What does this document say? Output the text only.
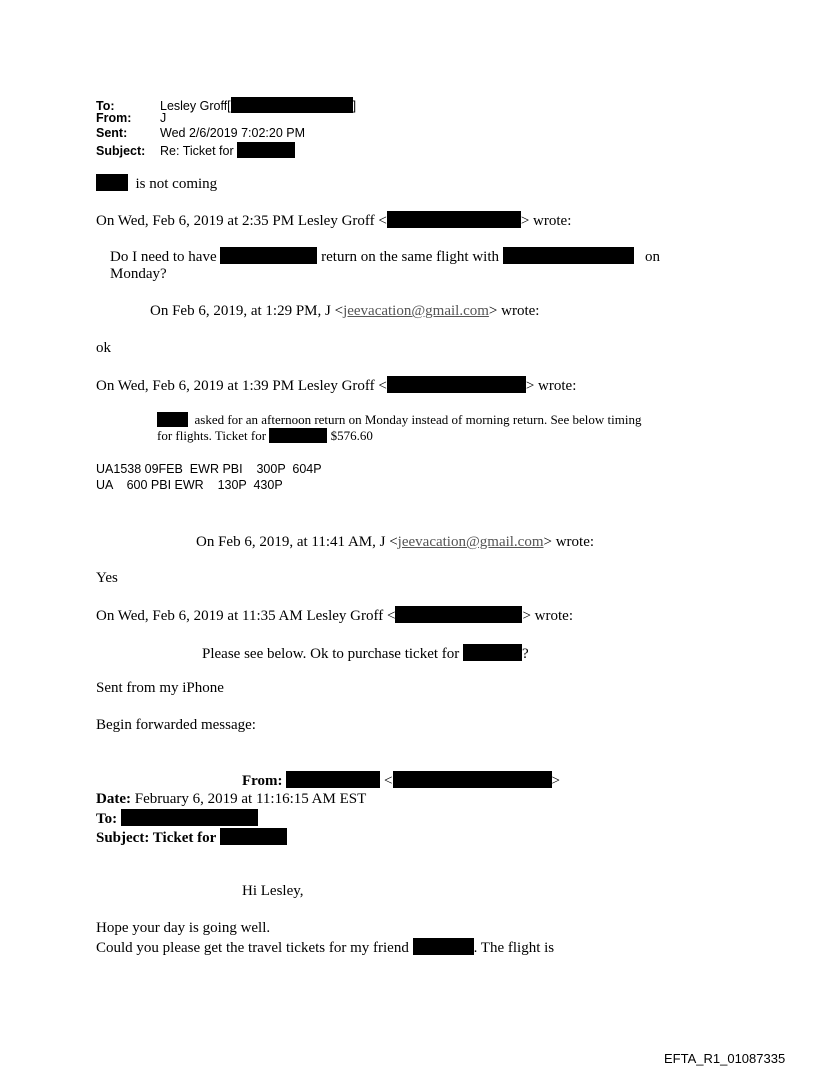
To:	Lesley Groff[	]
From: J
Sent:	Wed 2/6/2019 7:02:20 PM
Subject: Re: Ticket for
is not coming
On Wed, Feb 6, 2019 at 2:35 PM Lesley Groff <	> wrote:
Do I need to have	return on the same flight with	on
Monday?
On Feb 6, 2019, at 1:29 PM, J <jeevacation@gmail.com> wrote:
ok
On Wed, Feb 6, 2019 at 1:39 PM Lesley Groff <	> wrote:
asked for an afternoon return on Monday instead of morning return. See below timing
for flights. Ticket for	$576.60
UA1538 09FEB  EWR PBI    300P  604P
UA    600 PBI EWR    130P  430P
On Feb 6, 2019, at 11:41 AM, J <jeevacation@gmail.com> wrote:
Yes
On Wed, Feb 6, 2019 at 11:35 AM Lesley Groff <	> wrote:
Please see below. Ok to purchase ticket for	?
Sent from my iPhone
Begin forwarded message:
From:	<	>
Date: February 6, 2019 at 11:16:15 AM EST
To:
Subject: Ticket for
Hi Lesley,
Hope your day is going well.
Could you please get the travel tickets for my friend	. The flight is
EFTA_R1_01087335
